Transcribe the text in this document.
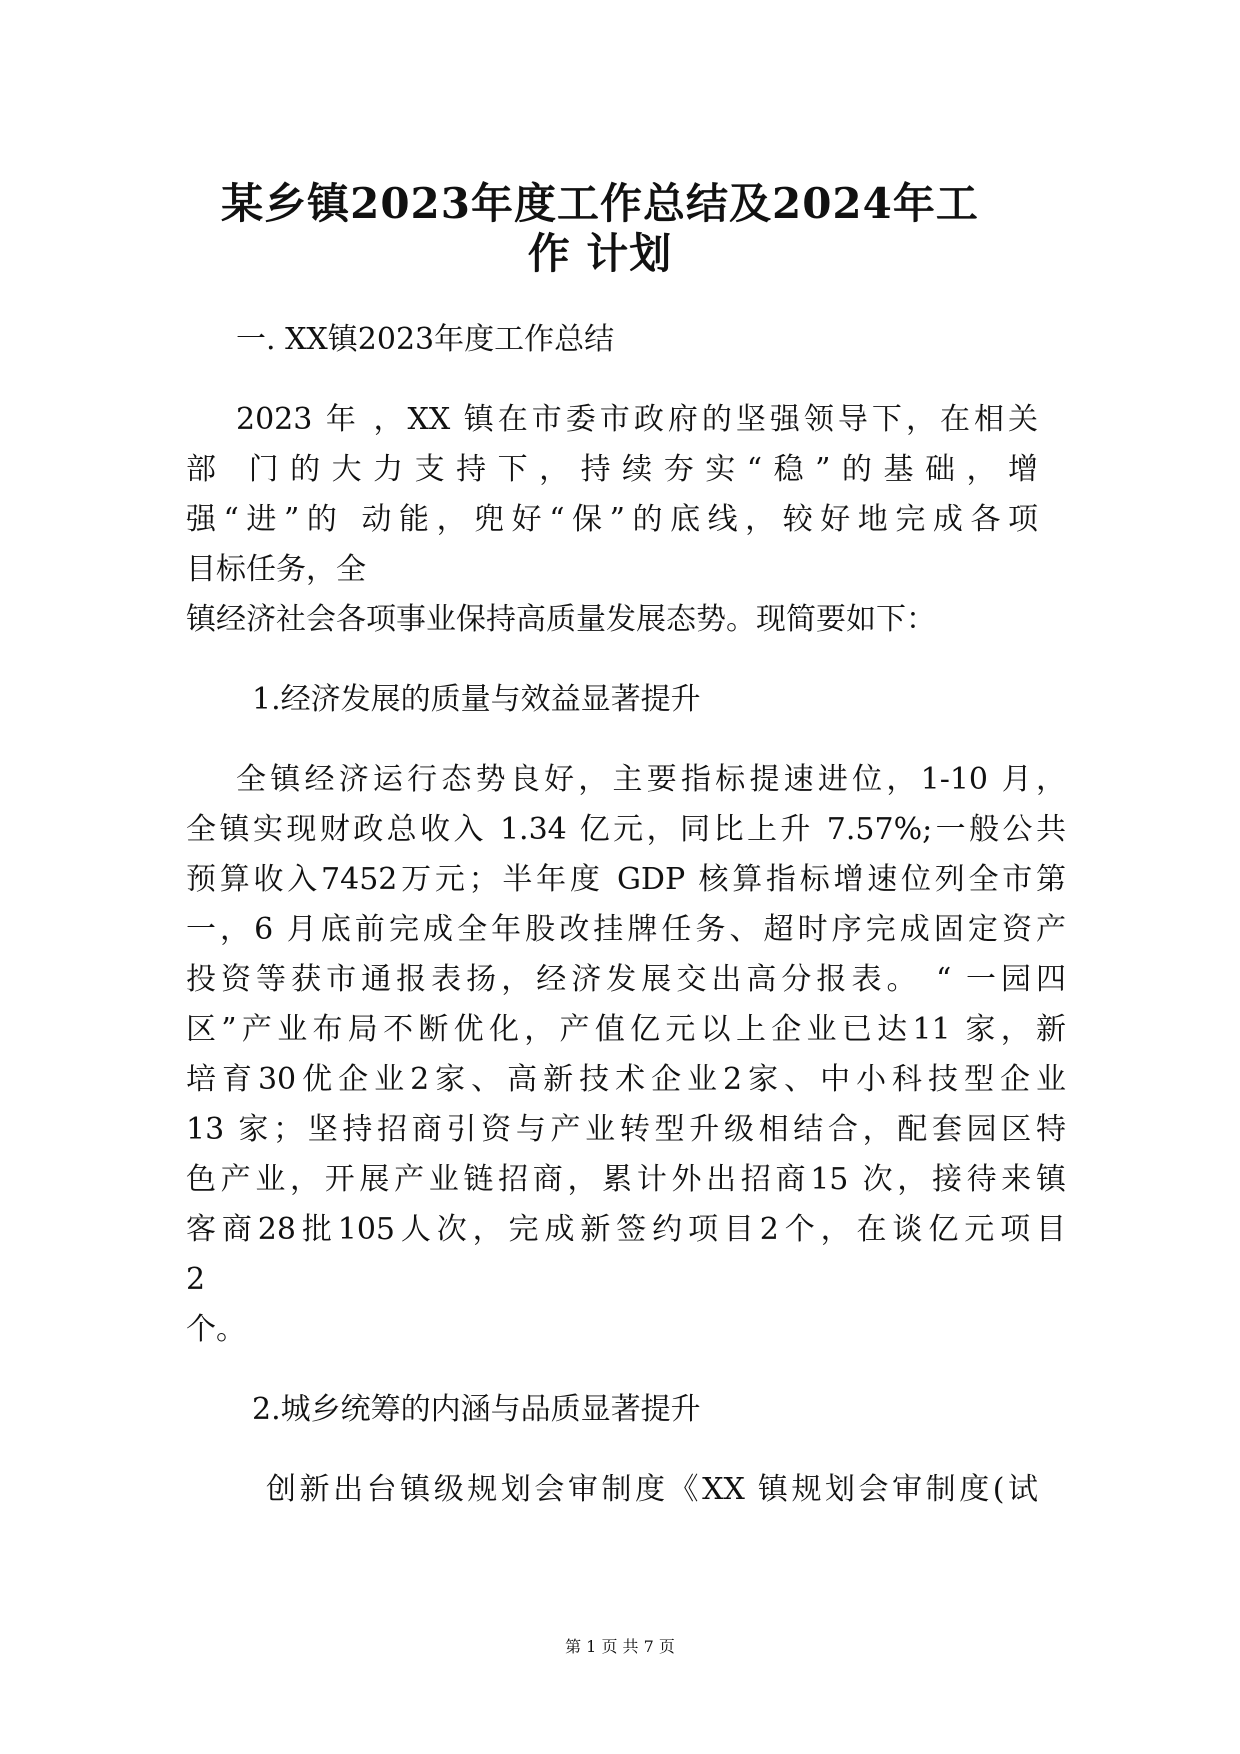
某乡镇2023年度工作总结及2024年工
作 计划
一. XX镇2023年度工作总结
2023 年 ，XX 镇在市委市政府的坚强领导下，在相关
部 门的大力支持下，持续夯实“稳”的基础，增
强“进”的 动能，兜好“保”的底线，较好地完成各项
目标任务，全
镇经济社会各项事业保持高质量发展态势。现简要如下：
1.经济发展的质量与效益显著提升
全镇经济运行态势良好，主要指标提速进位，1-10 月，
全镇实现财政总收入 1.34 亿元，同比上升 7.57%;一般公共
预算收入7452万元；半年度 GDP 核算指标增速位列全市第
一，6 月底前完成全年股改挂牌任务、超时序完成固定资产
投资等获市通报表扬，经济发展交出高分报表。 “ 一园四
区”产业布局不断优化，产值亿元以上企业已达11 家，新
培育30优企业2家、高新技术企业2家、中小科技型企业
13 家；坚持招商引资与产业转型升级相结合，配套园区特
色产业，开展产业链招商，累计外出招商15 次，接待来镇
客商28批105人次，完成新签约项目2个，在谈亿元项目
2
个。
2.城乡统筹的内涵与品质显著提升
创新出台镇级规划会审制度《XX 镇规划会审制度(试
第 1 页 共 7 页
